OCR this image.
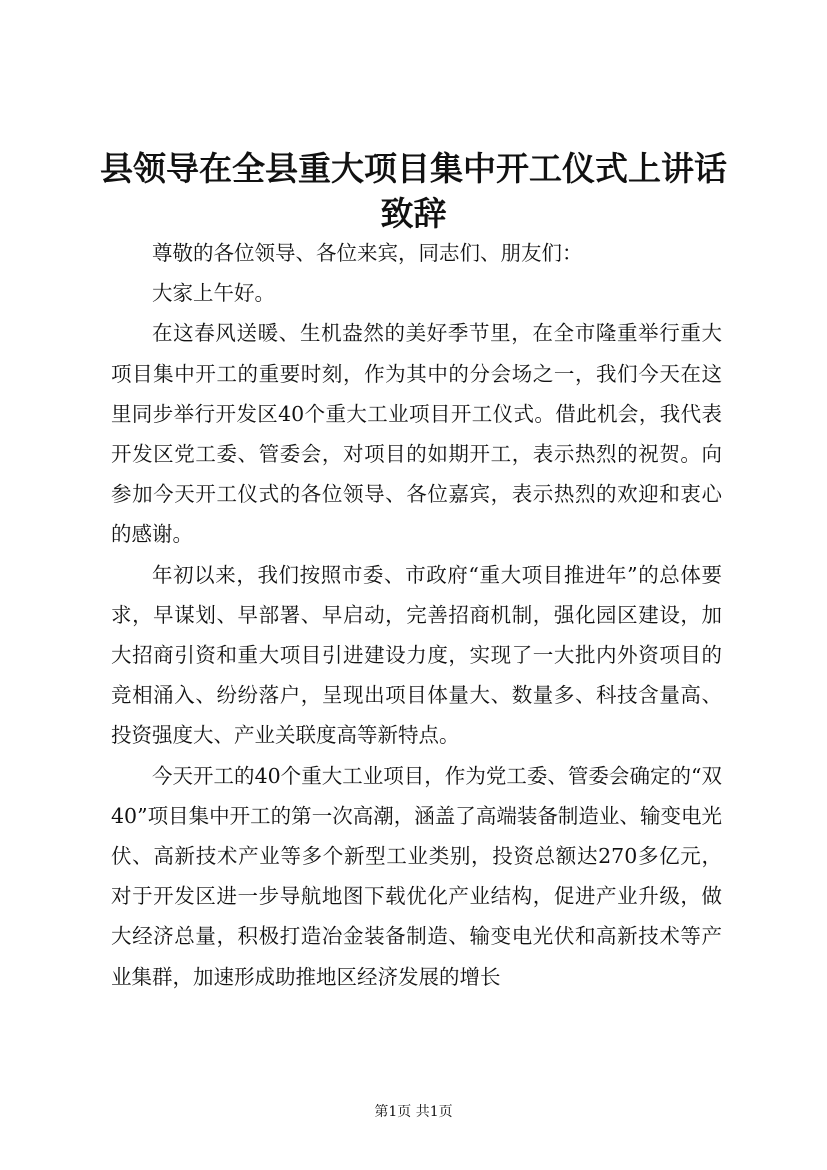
县领导在全县重大项目集中开工仪式上讲话致辞

尊敬的各位领导、各位来宾，同志们、朋友们：

大家上午好。

在这春风送暖、生机盎然的美好季节里，在全市隆重举行重大项目集中开工的重要时刻，作为其中的分会场之一，我们今天在这里同步举行开发区40个重大工业项目开工仪式。借此机会，我代表开发区党工委、管委会，对项目的如期开工，表示热烈的祝贺。向参加今天开工仪式的各位领导、各位嘉宾，表示热烈的欢迎和衷心的感谢。

年初以来，我们按照市委、市政府“重大项目推进年”的总体要求，早谋划、早部署、早启动，完善招商机制，强化园区建设，加大招商引资和重大项目引进建设力度，实现了一大批内外资项目的竞相涌入、纷纷落户，呈现出项目体量大、数量多、科技含量高、投资强度大、产业关联度高等新特点。

今天开工的40个重大工业项目，作为党工委、管委会确定的“双40”项目集中开工的第一次高潮，涵盖了高端装备制造业、输变电光伏、高新技术产业等多个新型工业类别，投资总额达270多亿元，对于开发区进一步导航地图下载优化产业结构，促进产业升级，做大经济总量，积极打造冶金装备制造、输变电光伏和高新技术等产业集群，加速形成助推地区经济发展的增长

第1页 共1页
